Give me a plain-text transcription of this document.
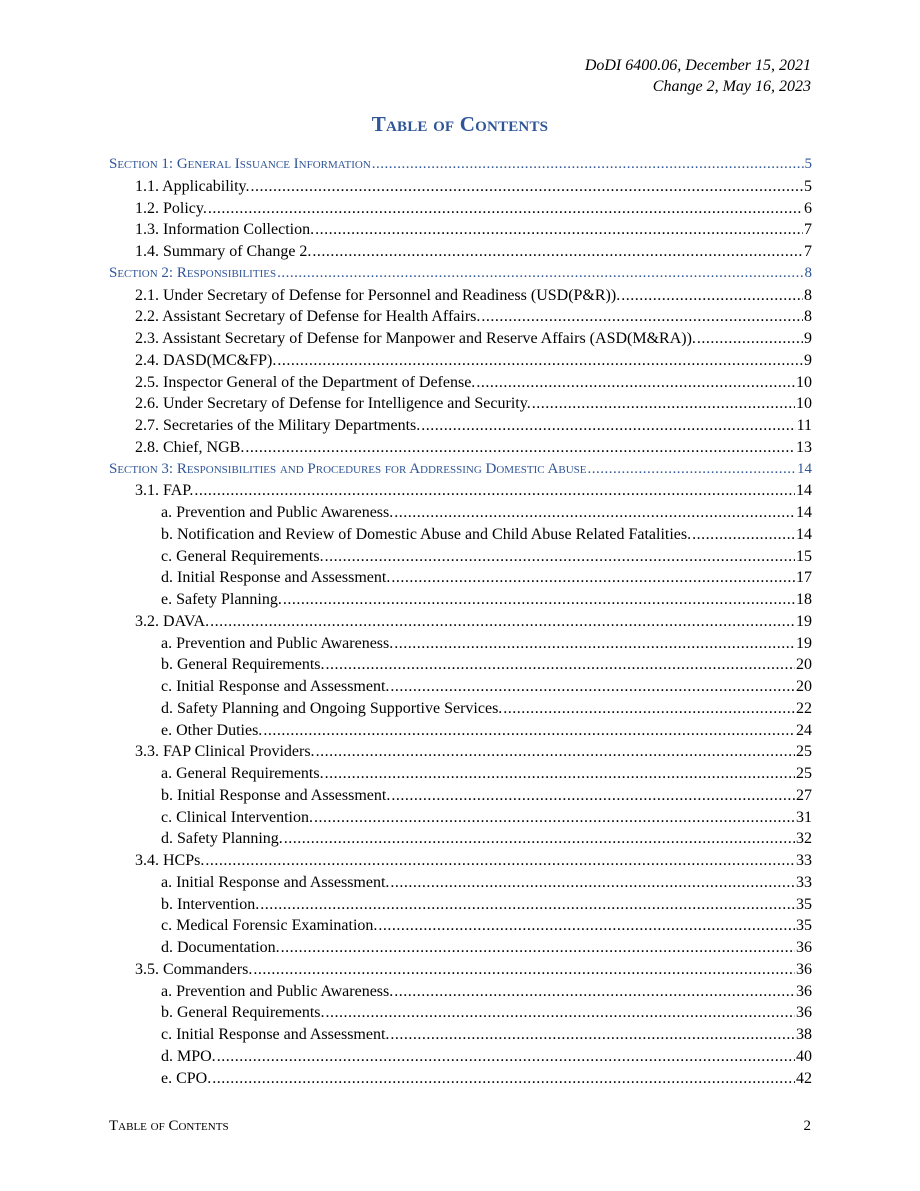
DoDI 6400.06, December 15, 2021
Change 2, May 16, 2023
Table of Contents
Section 1: General Issuance Information .....	5
1.1. Applicability. .....	5
1.2. Policy. .....	6
1.3. Information Collection. .....	7
1.4. Summary of Change 2. .....	7
Section 2: Responsibilities .....	8
2.1. Under Secretary of Defense for Personnel and Readiness (USD(P&R)). .....	8
2.2. Assistant Secretary of Defense for Health Affairs. .....	8
2.3. Assistant Secretary of Defense for Manpower and Reserve Affairs (ASD(M&RA)). .....	9
2.4. DASD(MC&FP). .....	9
2.5. Inspector General of the Department of Defense. .....	10
2.6. Under Secretary of Defense for Intelligence and Security. .....	10
2.7. Secretaries of the Military Departments. .....	11
2.8. Chief, NGB. .....	13
Section 3: Responsibilities and Procedures for Addressing Domestic Abuse .....	14
3.1. FAP. .....	14
a. Prevention and Public Awareness. .....	14
b. Notification and Review of Domestic Abuse and Child Abuse Related Fatalities. .....	14
c. General Requirements. .....	15
d. Initial Response and Assessment. .....	17
e. Safety Planning. .....	18
3.2. DAVA. .....	19
a. Prevention and Public Awareness. .....	19
b. General Requirements. .....	20
c. Initial Response and Assessment. .....	20
d. Safety Planning and Ongoing Supportive Services. .....	22
e. Other Duties. .....	24
3.3. FAP Clinical Providers. .....	25
a. General Requirements. .....	25
b. Initial Response and Assessment. .....	27
c. Clinical Intervention. .....	31
d. Safety Planning. .....	32
3.4. HCPs. .....	33
a. Initial Response and Assessment. .....	33
b. Intervention. .....	35
c. Medical Forensic Examination. .....	35
d. Documentation. .....	36
3.5. Commanders. .....	36
a. Prevention and Public Awareness. .....	36
b. General Requirements. .....	36
c. Initial Response and Assessment. .....	38
d. MPO. .....	40
e. CPO. .....	42
Table of Contents	2
